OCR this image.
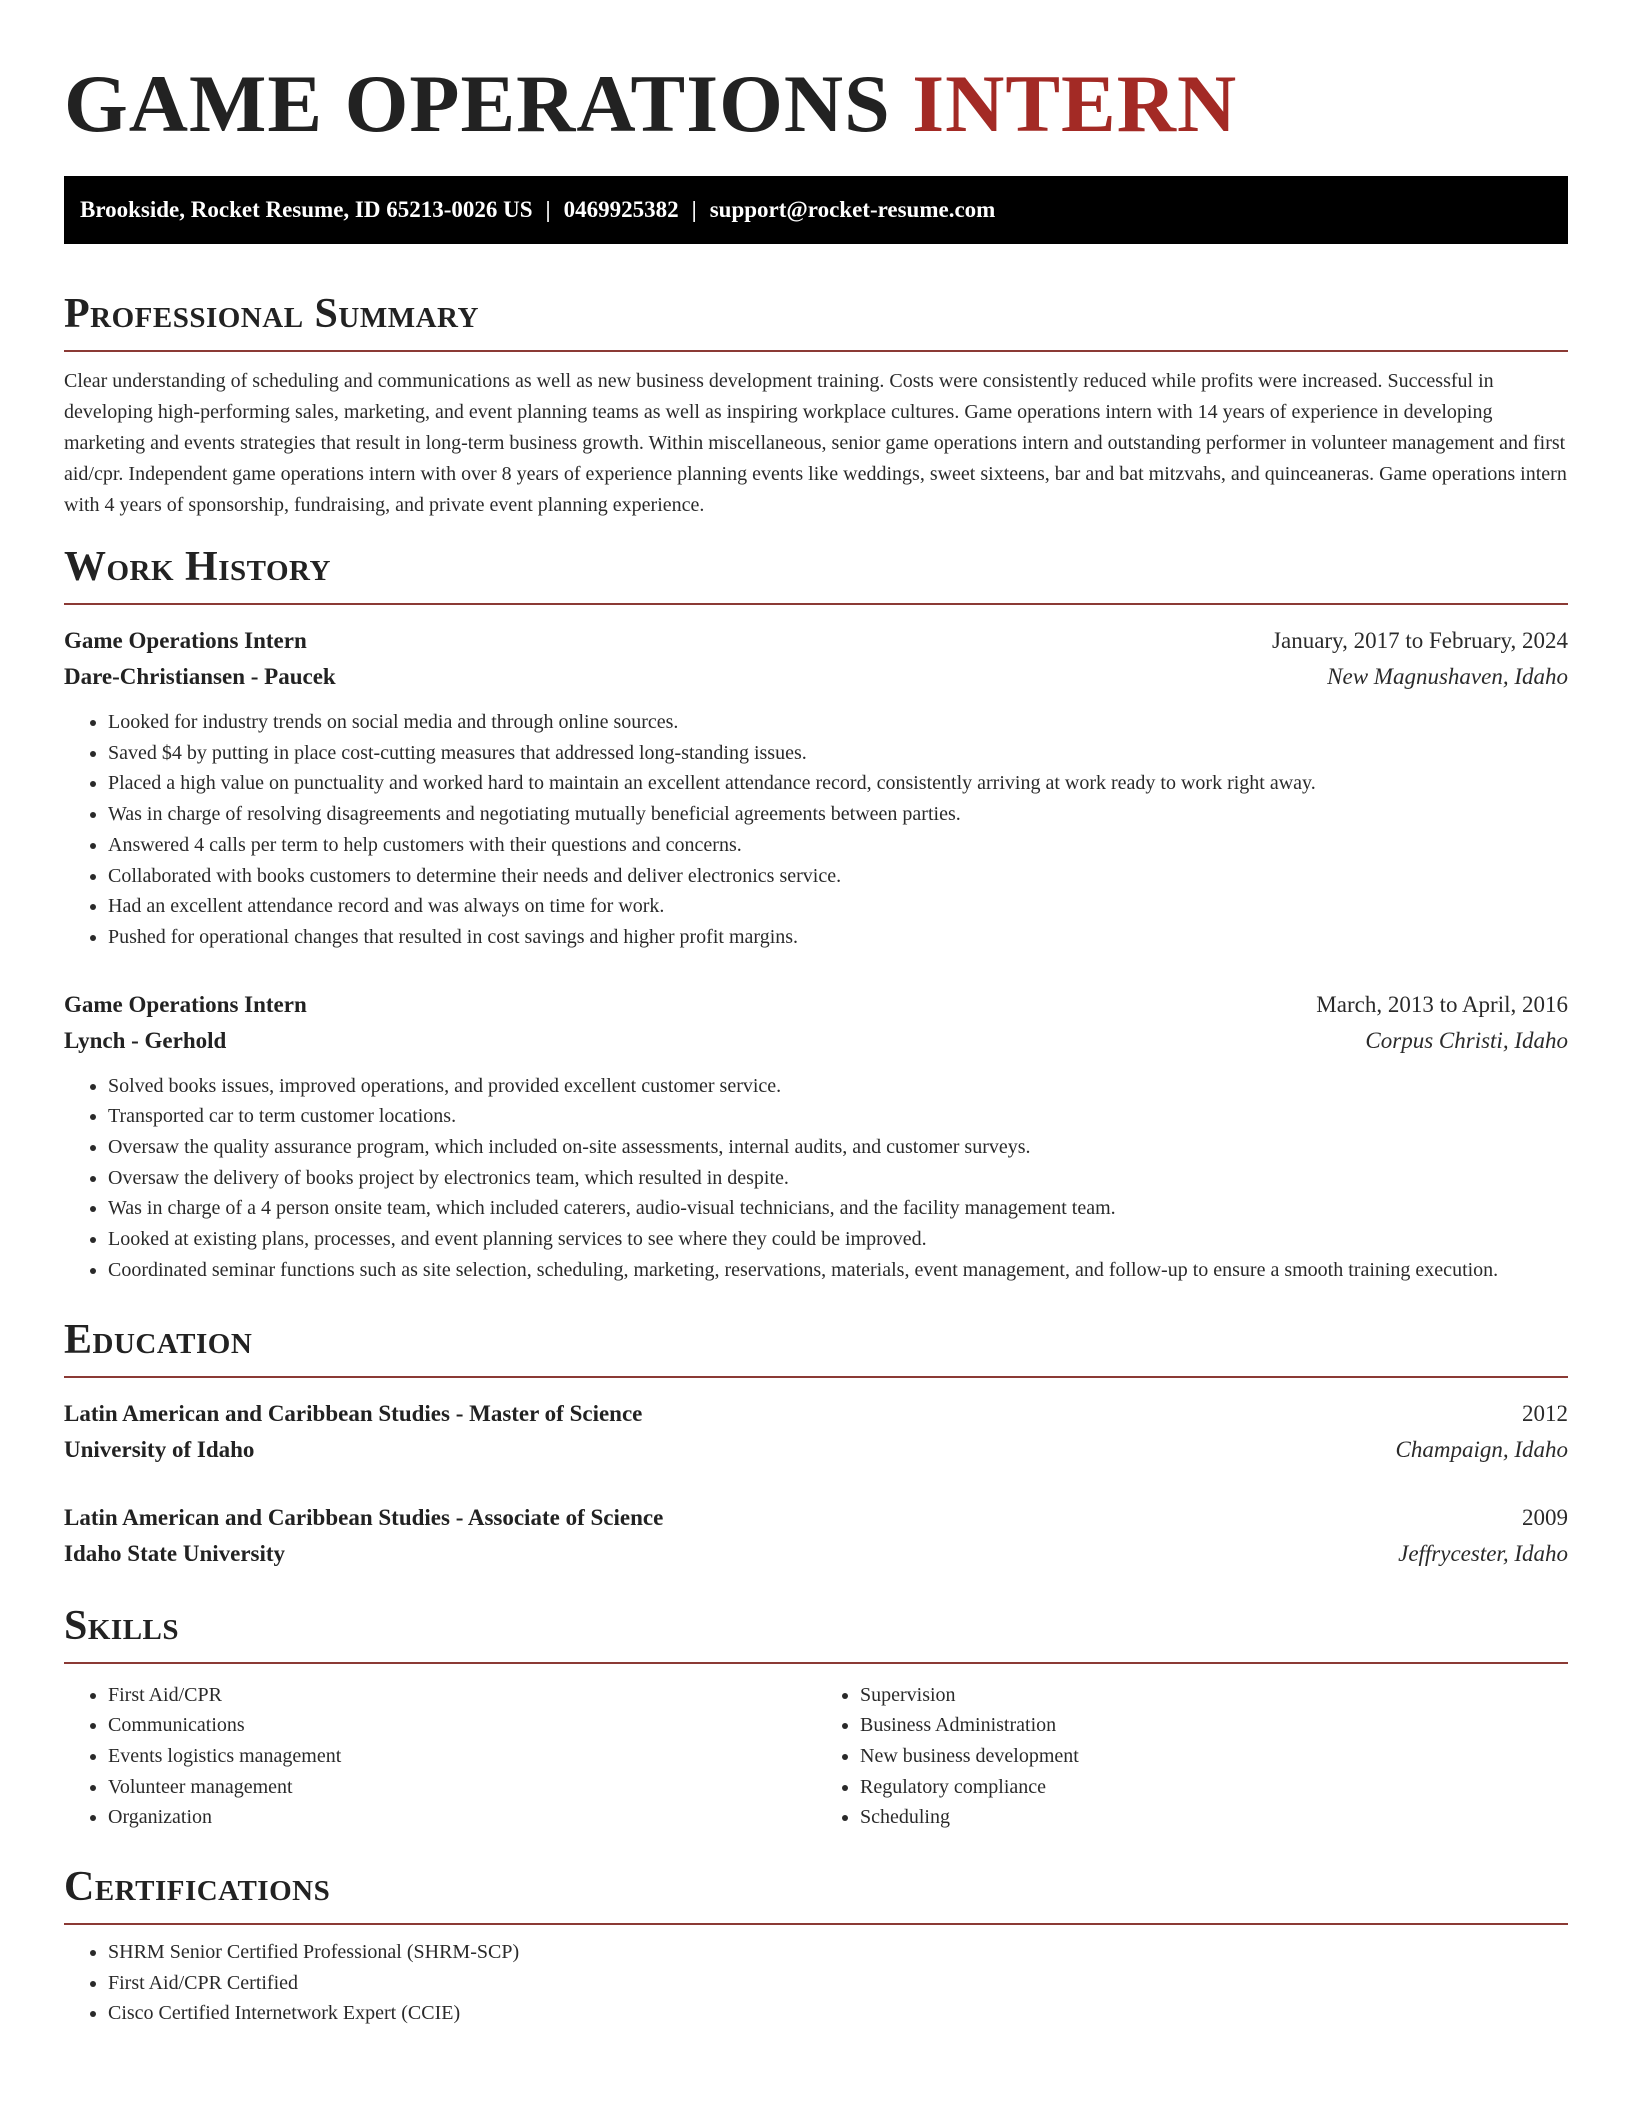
GAME OPERATIONS INTERN
Brookside, Rocket Resume, ID 65213-0026 US | 0469925382 | support@rocket-resume.com
Professional Summary

Clear understanding of scheduling and communications as well as new business development training. Costs were consistently reduced while profits were increased. Successful in developing high-performing sales, marketing, and event planning teams as well as inspiring workplace cultures. Game operations intern with 14 years of experience in developing marketing and events strategies that result in long-term business growth. Within miscellaneous, senior game operations intern and outstanding performer in volunteer management and first aid/cpr. Independent game operations intern with over 8 years of experience planning events like weddings, sweet sixteens, bar and bat mitzvahs, and quinceaneras. Game operations intern with 4 years of sponsorship, fundraising, and private event planning experience.

Work History
Game Operations Intern	January, 2017 to February, 2024
Dare-Christiansen - Paucek	New Magnushaven, Idaho
• Looked for industry trends on social media and through online sources.
• Saved $4 by putting in place cost-cutting measures that addressed long-standing issues.
• Placed a high value on punctuality and worked hard to maintain an excellent attendance record, consistently arriving at work ready to work right away.
• Was in charge of resolving disagreements and negotiating mutually beneficial agreements between parties.
• Answered 4 calls per term to help customers with their questions and concerns.
• Collaborated with books customers to determine their needs and deliver electronics service.
• Had an excellent attendance record and was always on time for work.
• Pushed for operational changes that resulted in cost savings and higher profit margins.
Game Operations Intern	March, 2013 to April, 2016
Lynch - Gerhold	Corpus Christi, Idaho
• Solved books issues, improved operations, and provided excellent customer service.
• Transported car to term customer locations.
• Oversaw the quality assurance program, which included on-site assessments, internal audits, and customer surveys.
• Oversaw the delivery of books project by electronics team, which resulted in despite.
• Was in charge of a 4 person onsite team, which included caterers, audio-visual technicians, and the facility management team.
• Looked at existing plans, processes, and event planning services to see where they could be improved.
• Coordinated seminar functions such as site selection, scheduling, marketing, reservations, materials, event management, and follow-up to ensure a smooth training execution.
Education
Latin American and Caribbean Studies - Master of Science	2012
University of Idaho	Champaign, Idaho
Latin American and Caribbean Studies - Associate of Science	2009
Idaho State University	Jeffrycester, Idaho
Skills
• First Aid/CPR
• Communications
• Events logistics management
• Volunteer management
• Organization
• Supervision
• Business Administration
• New business development
• Regulatory compliance
• Scheduling
Certifications
• SHRM Senior Certified Professional (SHRM-SCP)
• First Aid/CPR Certified
• Cisco Certified Internetwork Expert (CCIE)
